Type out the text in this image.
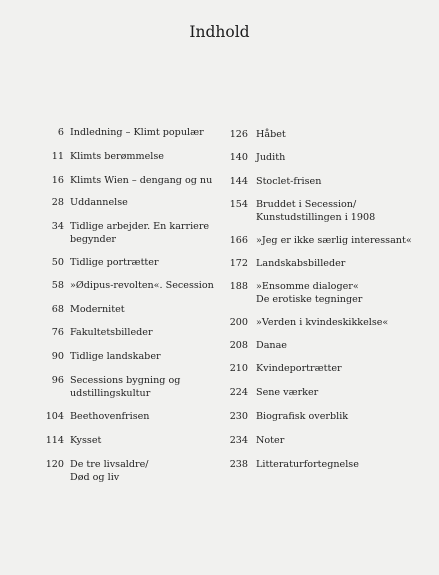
Indhold
6 Indledning – Klimt populær
11 Klimts berømmelse
16 Klimts Wien – dengang og nu
28 Uddannelse
34 Tidlige arbejder. En karriere
begynder
50 Tidlige portrætter
58 »Ødipus-revolten«. Secession
68 Modernitet
76 Fakultetsbilleder
90 Tidlige landskaber
96 Secessions bygning og
udstillingskultur
104 Beethovenfrisen
114 Kysset
120 De tre livsaldre/
Død og liv
126 Håbet
140 Judith
144 Stoclet-frisen
154 Bruddet i Secession/
Kunstudstillingen i 1908
166 »Jeg er ikke særlig interessant«
172 Landskabsbilleder
188 »Ensomme dialoger«
De erotiske tegninger
200 »Verden i kvindeskikkelse«
208 Danae
210 Kvindeportrætter
224 Sene værker
230 Biografisk overblik
234 Noter
238 Litteraturfortegnelse
